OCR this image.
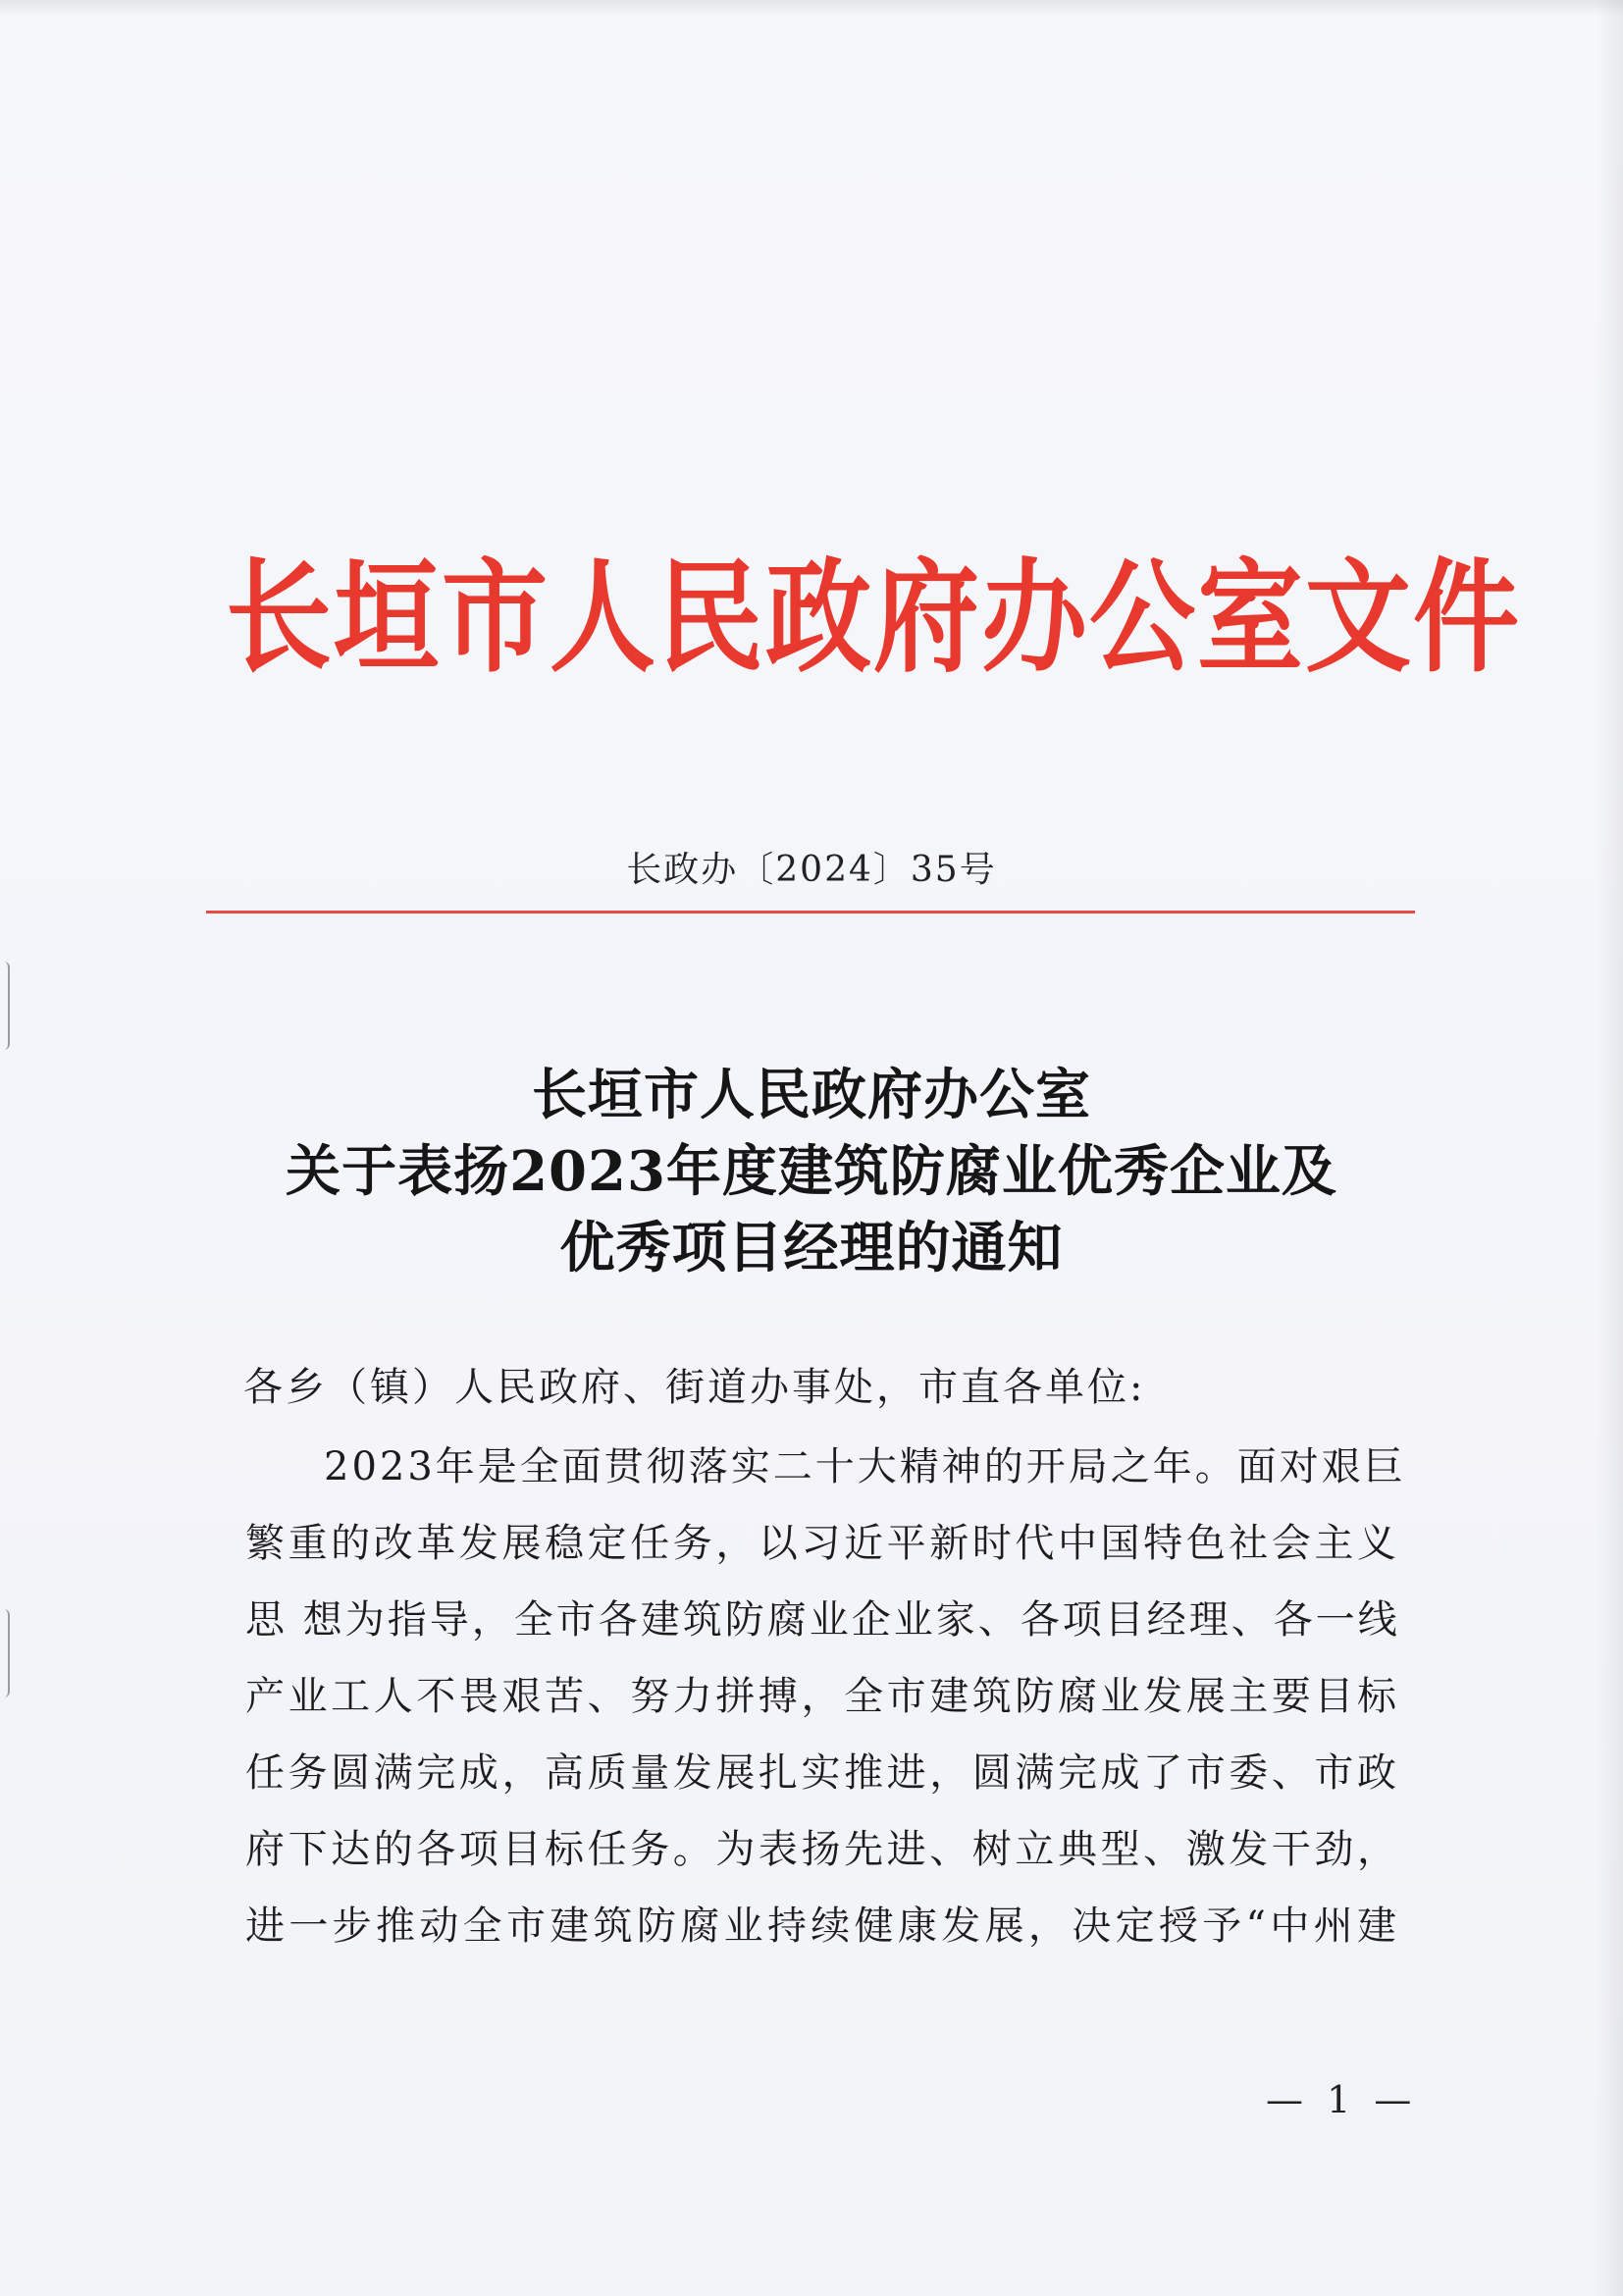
长垣市人民政府办公室文件
长政办〔2024〕35号
长垣市人民政府办公室
关于表扬2023年度建筑防腐业优秀企业及
优秀项目经理的通知
各乡（镇）人民政府、街道办事处，市直各单位:
2023年是全面贯彻落实二十大精神的开局之年。面对艰巨
繁重的改革发展稳定任务，以习近平新时代中国特色社会主义
思 想为指导，全市各建筑防腐业企业家、各项目经理、各一线
产业工人不畏艰苦、努力拼搏，全市建筑防腐业发展主要目标
任务圆满完成，高质量发展扎实推进，圆满完成了市委、市政
府下达的各项目标任务。为表扬先进、树立典型、激发干劲，
进一步推动全市建筑防腐业持续健康发展，决定授予“中州建
— 1 —
